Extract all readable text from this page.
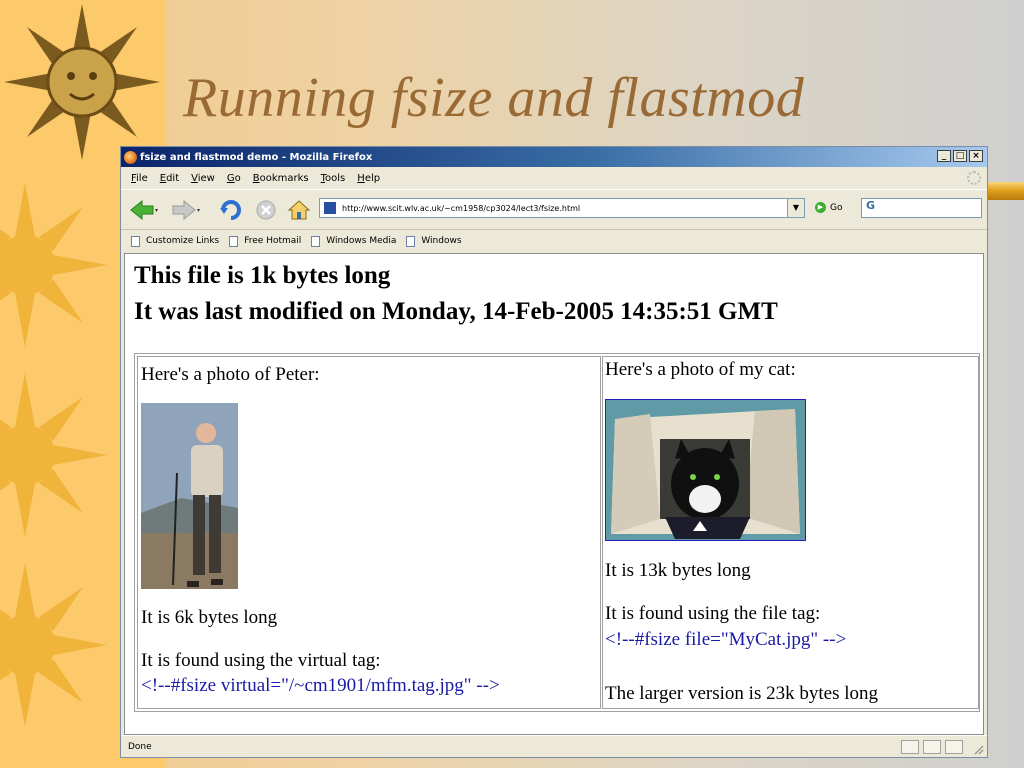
Running fsize and flastmod
fsize and flastmod demo - Mozilla Firefox	_	□ ×
File Edit View Go Bookmarks Tools Help
http://www.scit.wlv.ac.uk/~cm1958/cp3024/lect3/fsize.html	▼	▶ Go	G
Customize Links	Free Hotmail	Windows Media	Windows
This file is 1k bytes long
It was last modified on Monday, 14-Feb-2005 14:35:51 GMT
Here's a photo of Peter:
It is 6k bytes long
It is found using the virtual tag:
<!--#fsize virtual="/~cm1901/mfm.tag.jpg" -->
Here's a photo of my cat:
It is 13k bytes long
It is found using the file tag:
<!--#fsize file="MyCat.jpg" -->
The larger version is 23k bytes long
Done
